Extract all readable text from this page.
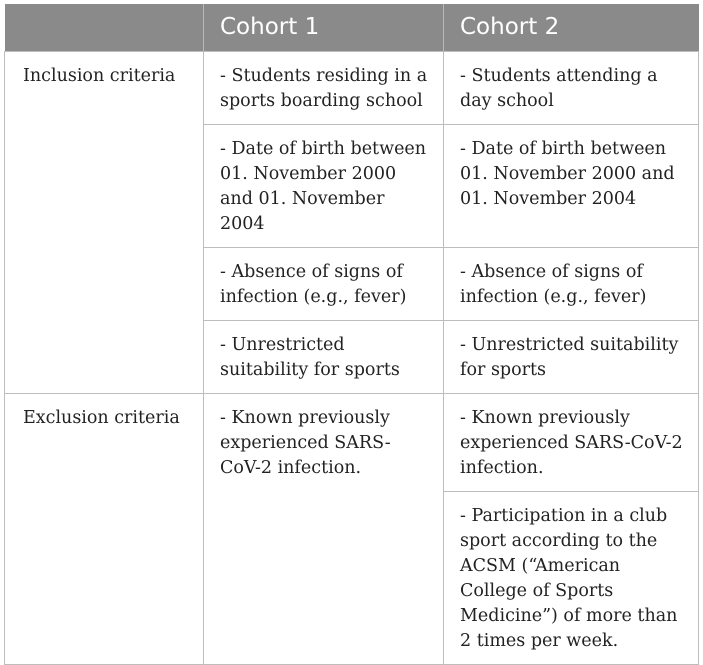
	Cohort 1	Cohort 2
Inclusion criteria	- Students residing in a sports boarding school	- Students attending a day school
	- Date of birth between 01. November 2000 and 01. November 2004	- Date of birth between 01. November 2000 and 01. November 2004
	- Absence of signs of infection (e.g., fever)	- Absence of signs of infection (e.g., fever)
	- Unrestricted suitability for sports	- Unrestricted suitability for sports
Exclusion criteria	- Known previously experienced SARS-CoV-2 infection.	- Known previously experienced SARS-CoV-2 infection.
		- Participation in a club sport according to the ACSM (“American College of Sports Medicine”) of more than 2 times per week.
